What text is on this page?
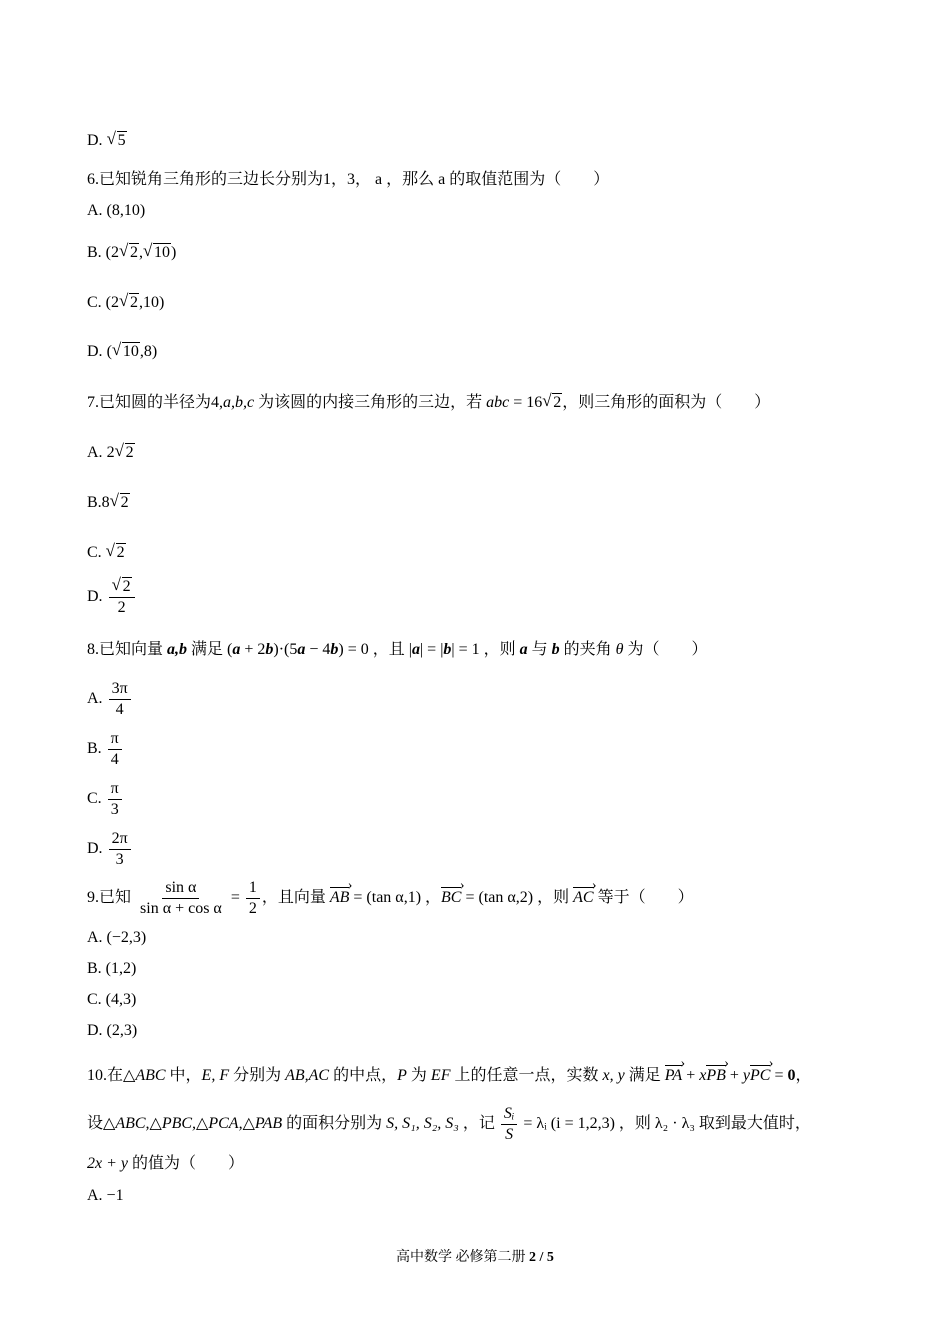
D. √ 5
6.已知锐角三角形的三边长分别为1，3， a ，那么 a 的取值范围为（　　）
A. (8,10)
B. (2 √ 2, √ 10)
C. (2 √ 2,10)
D. ( √ 10,8)
7.已知圆的半径为4,a,b,c 为该圆的内接三角形的三边，若 abc = 16 √ 2，则三角形的面积为（　　）
A. 2 √ 2
B.8 √ 2
C. √ 2
D. √ $\frac{2}{2}$
8.已知向量 a,b 满足 (a + 2b)·(5a − 4b) = 0 ，且 |a| = |b| = 1 ，则 a 与 b 的夹角 θ 为（　　）
A. $\frac{3\pi}{4}$
B. $\frac{\pi}{4}$
C. $\frac{\pi}{3}$
D. $\frac{2\pi}{3}$
9.已知 $\frac{\text{sin α}}{\text{sin α + cos α}} = \frac{1}{2}$ ，且向量 AB › = (tan α,1) ，BC › = (tan α,2) ，则 AC › 等于（　　）
A. (−2,3)
B. (1,2)
C. (4,3)
D. (2,3)
10.在△ABC 中，E, F 分别为 AB,AC 的中点，P 为 EF 上的任意一点，实数 x, y 满足 PA › + xPB › + yPC › = 0，
设△ABC,△PBC,△PCA,△PAB 的面积分别为 S, S₁, S₂, S₃ ，记 $\frac{\text{Sᵢ}}{S}$ = λᵢ (i = 1,2,3) ，则 λ₂ · λ₃ 取到最大值时，
2x + y 的值为（　　）
A. −1
高中数学 必修第二册 2 / 5
